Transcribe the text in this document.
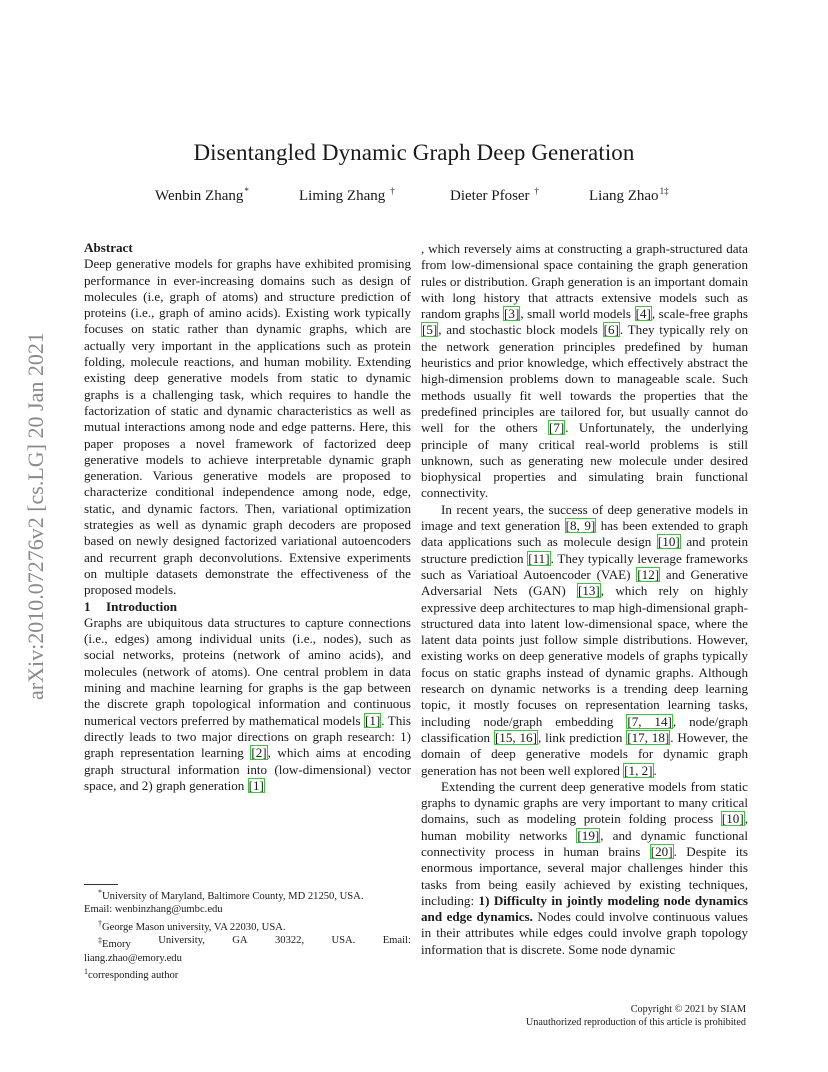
arXiv:2010.07276v2 [cs.LG] 20 Jan 2021
Disentangled Dynamic Graph Deep Generation
Wenbin Zhang*	Liming Zhang †	Dieter Pfoser †	Liang Zhao$^{1\ddagger}$

Abstract

Deep generative models for graphs have exhibited promising performance in ever-increasing domains such as design of molecules (i.e, graph of atoms) and structure prediction of proteins (i.e., graph of amino acids). Existing work typically focuses on static rather than dynamic graphs, which are actually very important in the applications such as protein folding, molecule reactions, and human mobility. Extending existing deep generative models from static to dynamic graphs is a challenging task, which requires to handle the factorization of static and dynamic characteristics as well as mutual interactions among node and edge patterns. Here, this paper proposes a novel framework of factorized deep generative models to achieve interpretable dynamic graph generation. Various generative models are proposed to characterize conditional independence among node, edge, static, and dynamic factors. Then, variational optimization strategies as well as dynamic graph decoders are proposed based on newly designed factorized variational autoencoders and recurrent graph deconvolutions. Extensive experiments on multiple datasets demonstrate the effectiveness of the proposed models.

1 Introduction

Graphs are ubiquitous data structures to capture connections (i.e., edges) among individual units (i.e., nodes), such as social networks, proteins (network of amino acids), and molecules (network of atoms). One central problem in data mining and machine learning for graphs is the gap between the discrete graph topological information and continuous numerical vectors preferred by mathematical models [1]. This directly leads to two major directions on graph research: 1) graph representation learning [2], which aims at encoding graph structural information into (low-dimensional) vector space, and 2) graph generation [1]

, which reversely aims at constructing a graph-structured data from low-dimensional space containing the graph generation rules or distribution. Graph generation is an important domain with long history that attracts extensive models such as random graphs [3], small world models [4], scale-free graphs [5], and stochastic block models [6]. They typically rely on the network generation principles predefined by human heuristics and prior knowledge, which effectively abstract the high-dimension problems down to manageable scale. Such methods usually fit well towards the properties that the predefined principles are tailored for, but usually cannot do well for the others [7]. Unfortunately, the underlying principle of many critical real-world problems is still unknown, such as generating new molecule under desired biophysical properties and simulating brain functional connectivity.

In recent years, the success of deep generative models in image and text generation [8, 9] has been extended to graph data applications such as molecule design [10] and protein structure prediction [11]. They typically leverage frameworks such as Variatioal Autoencoder (VAE) [12] and Generative Adversarial Nets (GAN) [13], which rely on highly expressive deep architectures to map high-dimensional graph-structured data into latent low-dimensional space, where the latent data points just follow simple distributions. However, existing works on deep generative models of graphs typically focus on static graphs instead of dynamic graphs. Although research on dynamic networks is a trending deep learning topic, it mostly focuses on representation learning tasks, including node/graph embedding [7, 14], node/graph classification [15, 16], link prediction [17, 18]. However, the domain of deep generative models for dynamic graph generation has not been well explored [1, 2].

Extending the current deep generative models from static graphs to dynamic graphs are very important to many critical domains, such as modeling protein folding process [10], human mobility networks [19], and dynamic functional connectivity process in human brains [20]. Despite its enormous importance, several major challenges hinder this tasks from being easily achieved by existing techniques, including: 1) Difficulty in jointly modeling node dynamics and edge dynamics. Nodes could involve continuous values in their attributes while edges could involve graph topology information that is discrete. Some node dynamic

*University of Maryland, Baltimore County, MD 21250, USA.

Email: wenbinzhang@umbc.edu

†George Mason university, VA 22030, USA.

‡Emory	University,	GA	30322,	USA.	Email:

liang.zhao@emory.edu

$^1$corresponding author

Copyright © 2021 by SIAM

Unauthorized reproduction of this article is prohibited
